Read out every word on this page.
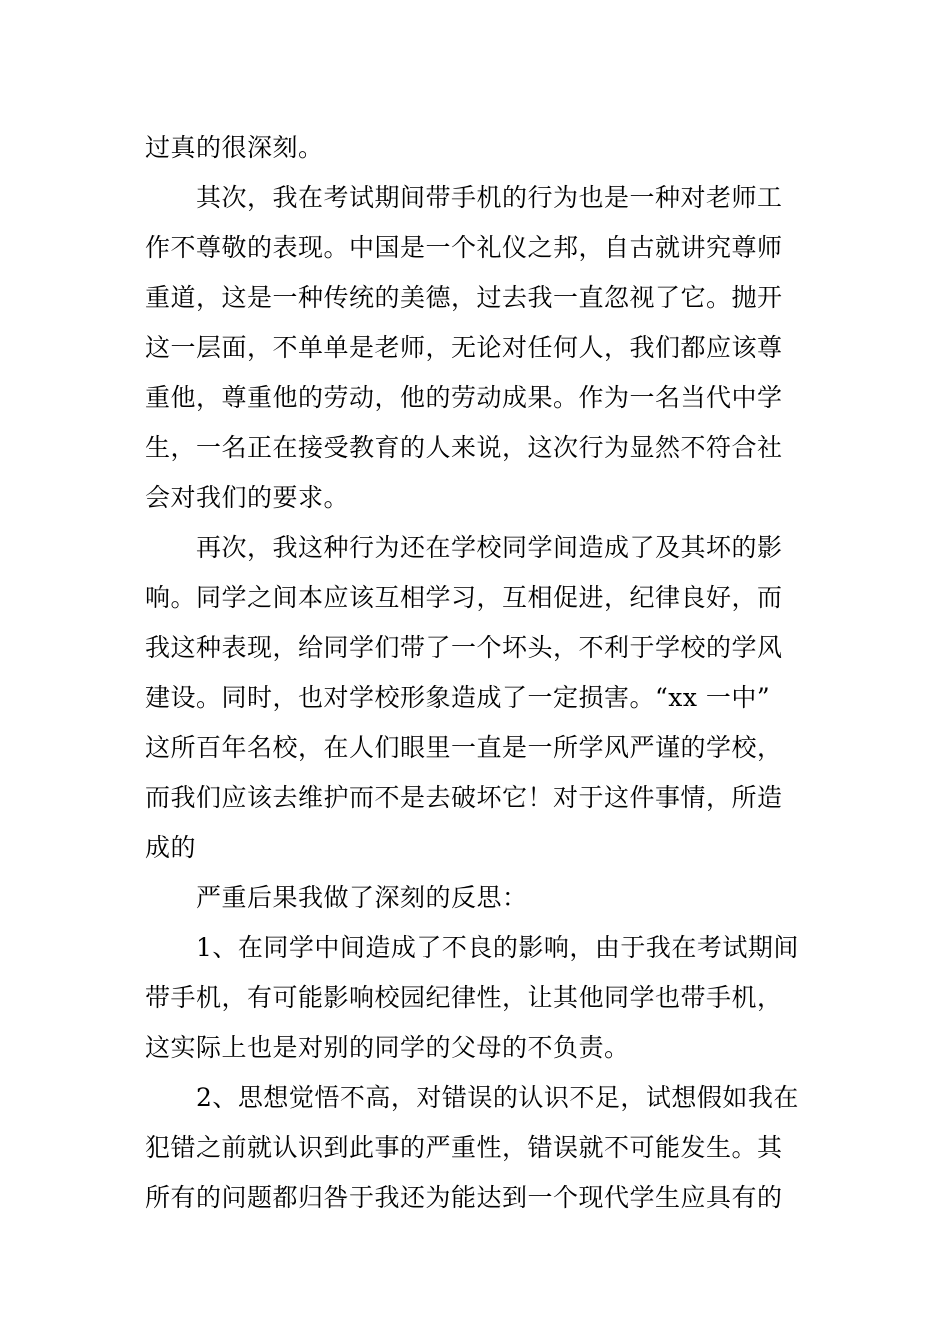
过真的很深刻。
其次，我在考试期间带手机的行为也是一种对老师工
作不尊敬的表现。中国是一个礼仪之邦，自古就讲究尊师
重道，这是一种传统的美德，过去我一直忽视了它。抛开
这一层面，不单单是老师，无论对任何人，我们都应该尊
重他，尊重他的劳动，他的劳动成果。作为一名当代中学
生，一名正在接受教育的人来说，这次行为显然不符合社
会对我们的要求。
再次，我这种行为还在学校同学间造成了及其坏的影
响。同学之间本应该互相学习，互相促进，纪律良好，而
我这种表现，给同学们带了一个坏头，不利于学校的学风
建设。同时，也对学校形象造成了一定损害。“xx 一中”
这所百年名校，在人们眼里一直是一所学风严谨的学校，
而我们应该去维护而不是去破坏它！对于这件事情，所造
成的
严重后果我做了深刻的反思：
1、在同学中间造成了不良的影响，由于我在考试期间
带手机，有可能影响校园纪律性，让其他同学也带手机，
这实际上也是对别的同学的父母的不负责。
2、思想觉悟不高，对错误的认识不足，试想假如我在
犯错之前就认识到此事的严重性，错误就不可能发生。其
所有的问题都归咎于我还为能达到一个现代学生应具有的
